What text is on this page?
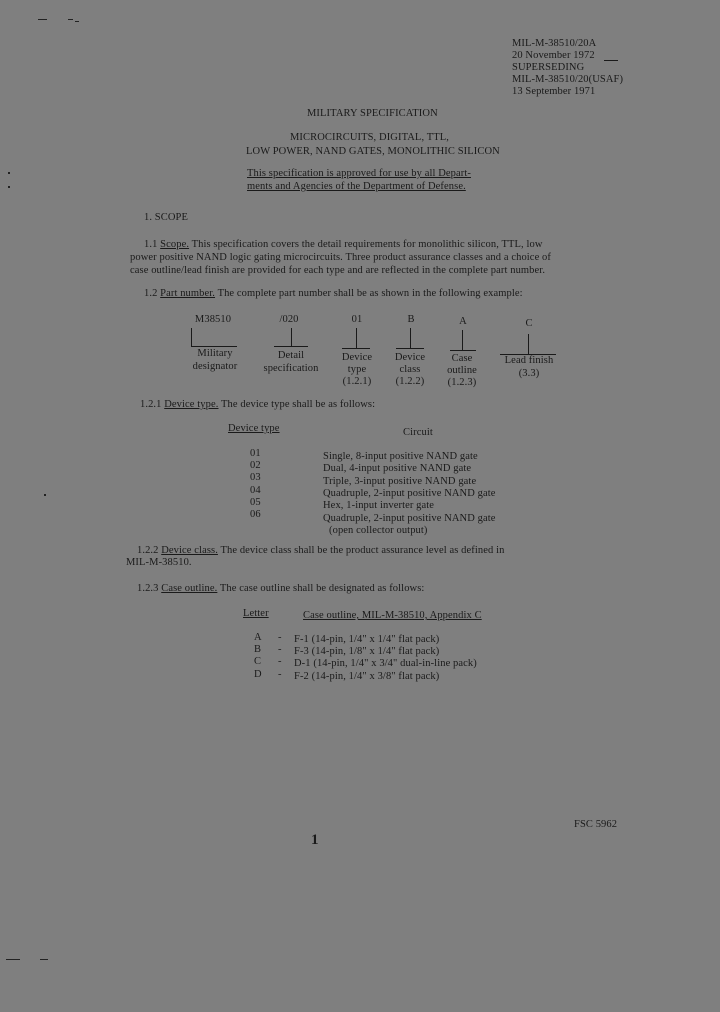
MIL-M-38510/20A
20 November 1972
SUPERSEDING
MIL-M-38510/20(USAF)
13 September 1971
MILITARY SPECIFICATION
MICROCIRCUITS, DIGITAL, TTL,
LOW POWER, NAND GATES, MONOLITHIC SILICON
This specification is approved for use by all Depart-
ments and Agencies of the Department of Defense.
1. SCOPE
1.1 Scope. This specification covers the detail requirements for monolithic silicon, TTL, low
power positive NAND logic gating microcircuits. Three product assurance classes and a choice of
case outline/lead finish are provided for each type and are reflected in the complete part number.
1.2 Part number. The complete part number shall be as shown in the following example:
M38510
Military
designator
/020
Detail
specification
01
Device
type
(1.2.1)
B
Device
class
(1.2.2)
A
Case
outline
(1.2.3)
C
Lead finish
(3.3)
1.2.1 Device type. The device type shall be as follows:
Device type	Circuit
01	Single, 8-input positive NAND gate
02	Dual, 4-input positive NAND gate
03	Triple, 3-input positive NAND gate
04	Quadruple, 2-input positive NAND gate
05	Hex, 1-input inverter gate
06	Quadruple, 2-input positive NAND gate
(open collector output)
1.2.2 Device class. The device class shall be the product assurance level as defined in
MIL-M-38510.
1.2.3 Case outline. The case outline shall be designated as follows:
Letter	Case outline, MIL-M-38510, Appendix C
A - F-1 (14-pin, 1/4" x 1/4" flat pack)
B - F-3 (14-pin, 1/8" x 1/4" flat pack)
C - D-1 (14-pin, 1/4" x 3/4" dual-in-line pack)
D - F-2 (14-pin, 1/4" x 3/8" flat pack)
FSC 5962
1
